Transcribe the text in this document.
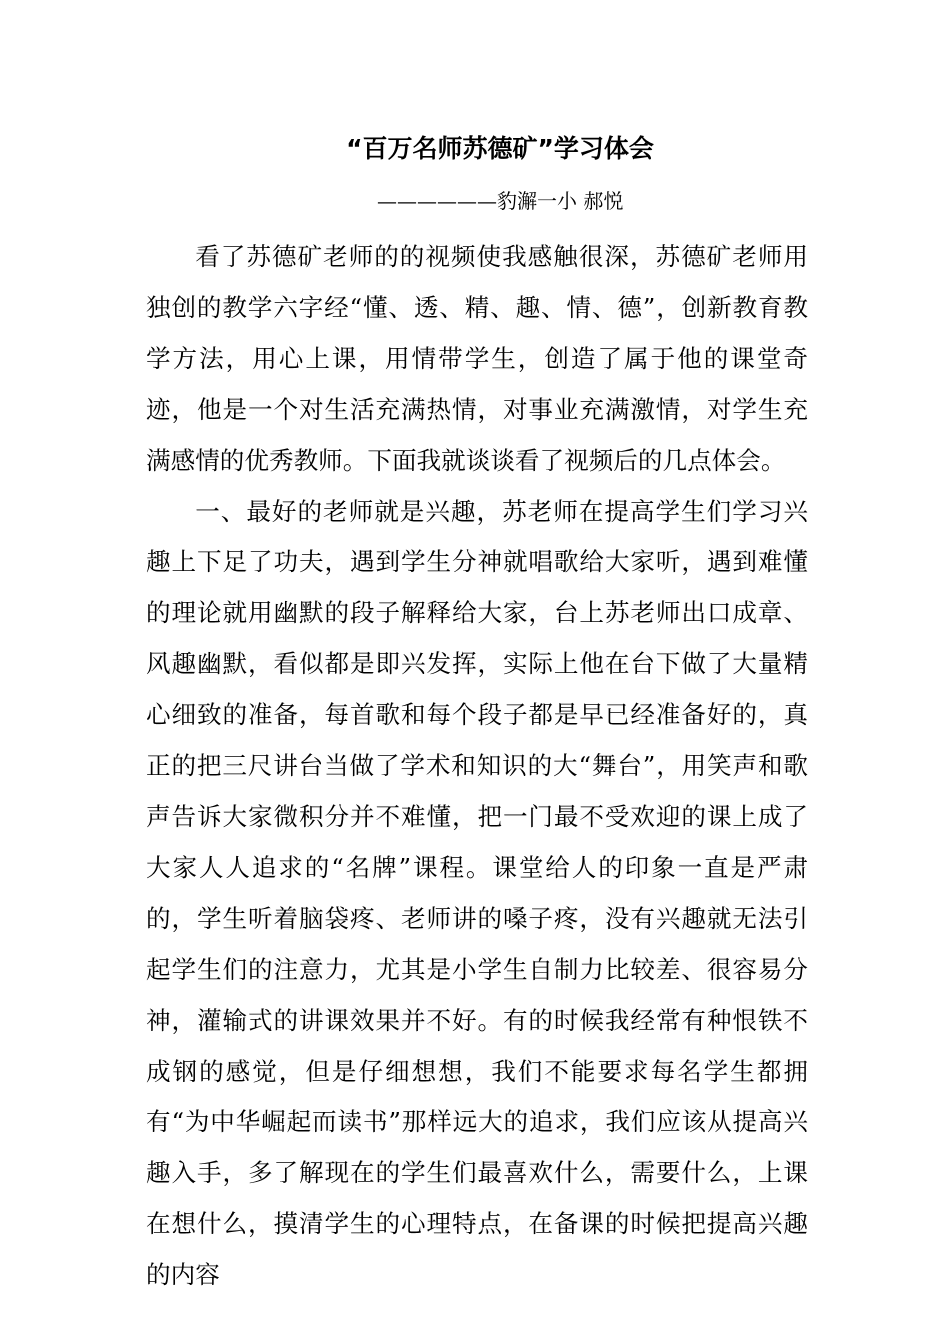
“百万名师苏德矿”学习体会
——————豹澥一小 郝悦

看了苏德矿老师的的视频使我感触很深，苏德矿老师用独创的教学六字经“懂、透、精、趣、情、德”，创新教育教学方法，用心上课，用情带学生，创造了属于他的课堂奇迹，他是一个对生活充满热情，对事业充满激情，对学生充满感情的优秀教师。下面我就谈谈看了视频后的几点体会。

一、最好的老师就是兴趣，苏老师在提高学生们学习兴趣上下足了功夫，遇到学生分神就唱歌给大家听，遇到难懂的理论就用幽默的段子解释给大家，台上苏老师出口成章、风趣幽默，看似都是即兴发挥，实际上他在台下做了大量精心细致的准备，每首歌和每个段子都是早已经准备好的，真正的把三尺讲台当做了学术和知识的大“舞台”，用笑声和歌声告诉大家微积分并不难懂，把一门最不受欢迎的课上成了大家人人追求的“名牌”课程。课堂给人的印象一直是严肃的，学生听着脑袋疼、老师讲的嗓子疼，没有兴趣就无法引起学生们的注意力，尤其是小学生自制力比较差、很容易分神，灌输式的讲课效果并不好。有的时候我经常有种恨铁不成钢的感觉，但是仔细想想，我们不能要求每名学生都拥有“为中华崛起而读书”那样远大的追求，我们应该从提高兴趣入手，多了解现在的学生们最喜欢什么，需要什么，上课在想什么，摸清学生的心理特点，在备课的时候把提高兴趣的内容
